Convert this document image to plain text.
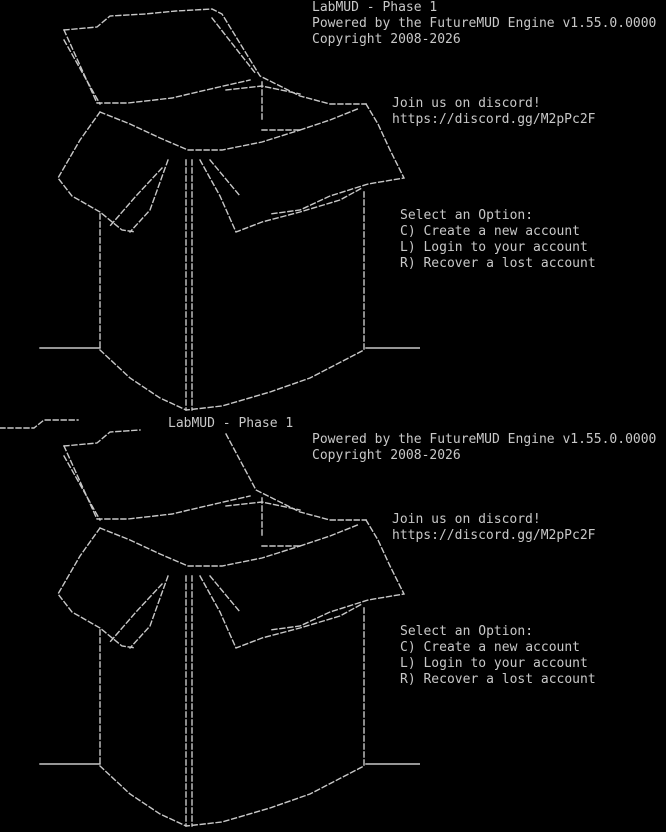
LabMUD - Phase 1
Powered by the FutureMUD Engine v1.55.0.0000
Copyright 2008-2026
Join us on discord!
https://discord.gg/M2pPc2F
Select an Option:
C) Create a new account
L) Login to your account
R) Recover a lost account
LabMUD - Phase 1
Powered by the FutureMUD Engine v1.55.0.0000
Copyright 2008-2026
Join us on discord!
https://discord.gg/M2pPc2F
Select an Option:
C) Create a new account
L) Login to your account
R) Recover a lost account
